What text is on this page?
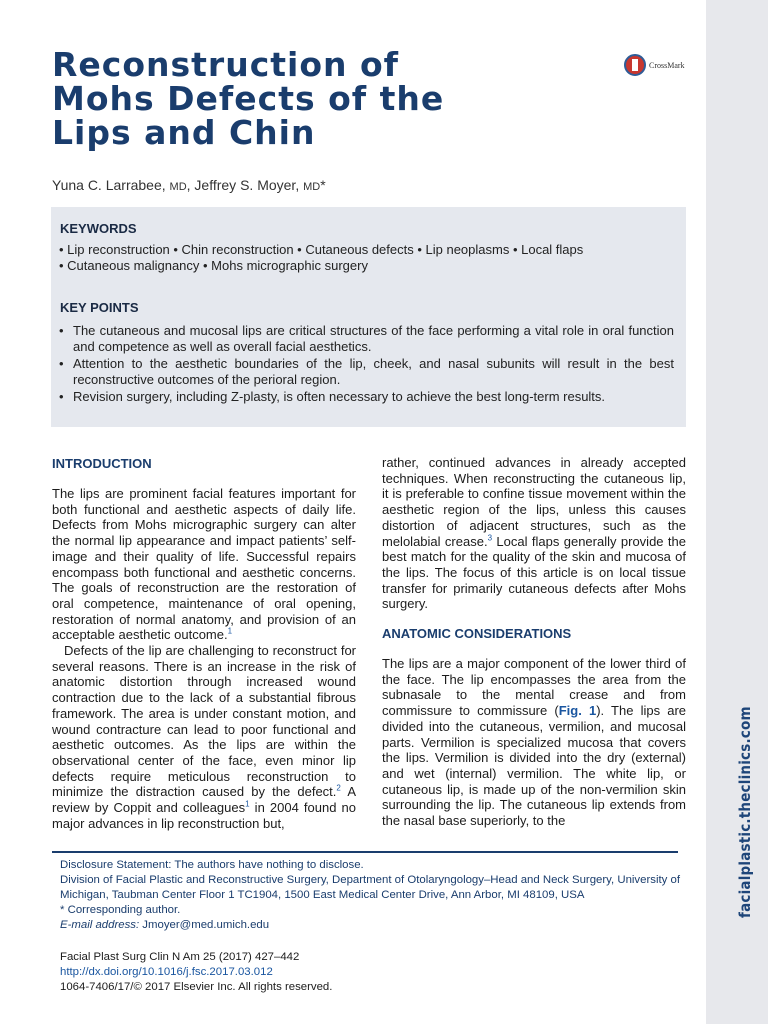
facialplastic.theclinics.com
Reconstruction of
Mohs Defects of the
Lips and Chin
CrossMark
Yuna C. Larrabee, MD, Jeffrey S. Moyer, MD*
KEYWORDS
• Lip reconstruction • Chin reconstruction • Cutaneous defects • Lip neoplasms • Local flaps
• Cutaneous malignancy • Mohs micrographic surgery
KEY POINTS
• The cutaneous and mucosal lips are critical structures of the face performing a vital role in oral function and competence as well as overall facial aesthetics.
• Attention to the aesthetic boundaries of the lip, cheek, and nasal subunits will result in the best reconstructive outcomes of the perioral region.
• Revision surgery, including Z-plasty, is often necessary to achieve the best long-term results.
INTRODUCTION

The lips are prominent facial features important for both functional and aesthetic aspects of daily life. Defects from Mohs micrographic surgery can alter the normal lip appearance and impact patients’ self-image and their quality of life. Successful repairs encompass both functional and aesthetic concerns. The goals of reconstruction are the restoration of oral competence, maintenance of oral opening, restoration of normal anatomy, and provision of an acceptable aesthetic outcome.$^1$

Defects of the lip are challenging to reconstruct for several reasons. There is an increase in the risk of anatomic distortion through increased wound contraction due to the lack of a substantial fibrous framework. The area is under constant motion, and wound contracture can lead to poor functional and aesthetic outcomes. As the lips are within the observational center of the face, even minor lip defects require meticulous reconstruction to minimize the distraction caused by the defect.$^2$ A review by Coppit and colleagues$^1$ in 2004 found no major advances in lip reconstruction but,

rather, continued advances in already accepted techniques. When reconstructing the cutaneous lip, it is preferable to confine tissue movement within the aesthetic region of the lips, unless this causes distortion of adjacent structures, such as the melolabial crease.$^3$ Local flaps generally provide the best match for the quality of the skin and mucosa of the lips. The focus of this article is on local tissue transfer for primarily cutaneous defects after Mohs surgery.

ANATOMIC CONSIDERATIONS

The lips are a major component of the lower third of the face. The lip encompasses the area from the subnasale to the mental crease and from commissure to commissure (Fig. 1). The lips are divided into the cutaneous, vermilion, and mucosal parts. Vermilion is specialized mucosa that covers the lips. Vermilion is divided into the dry (external) and wet (internal) vermilion. The white lip, or cutaneous lip, is made up of the non-vermilion skin surrounding the lip. The cutaneous lip extends from the nasal base superiorly, to the

Disclosure Statement: The authors have nothing to disclose.
Division of Facial Plastic and Reconstructive Surgery, Department of Otolaryngology–Head and Neck Surgery, University of Michigan, Taubman Center Floor 1 TC1904, 1500 East Medical Center Drive, Ann Arbor, MI 48109, USA
* Corresponding author.
E-mail address: Jmoyer@med.umich.edu
Facial Plast Surg Clin N Am 25 (2017) 427–442
http://dx.doi.org/10.1016/j.fsc.2017.03.012
1064-7406/17/© 2017 Elsevier Inc. All rights reserved.
